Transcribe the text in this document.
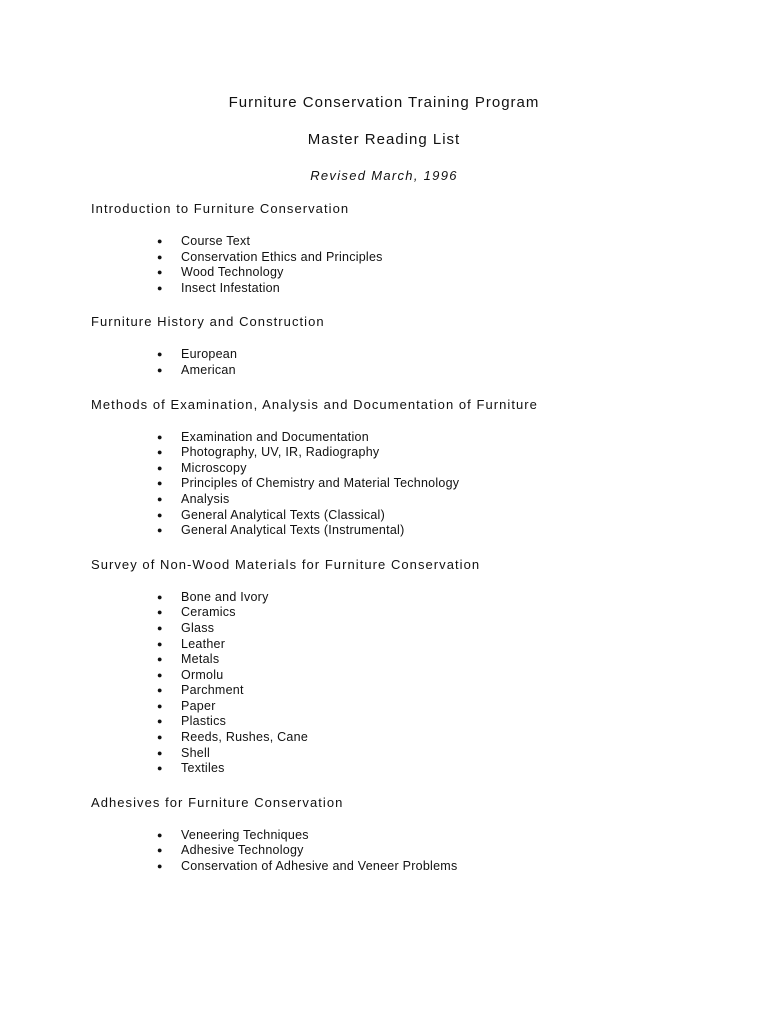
Furniture Conservation Training Program
Master Reading List

Revised March, 1996

Introduction to Furniture Conservation
● Course Text
● Conservation Ethics and Principles
● Wood Technology
● Insect Infestation
Furniture History and Construction
● European
● American
Methods of Examination, Analysis and Documentation of Furniture
● Examination and Documentation
● Photography, UV, IR, Radiography
● Microscopy
● Principles of Chemistry and Material Technology
● Analysis
● General Analytical Texts (Classical)
● General Analytical Texts (Instrumental)
Survey of Non-Wood Materials for Furniture Conservation
● Bone and Ivory
● Ceramics
● Glass
● Leather
● Metals
● Ormolu
● Parchment
● Paper
● Plastics
● Reeds, Rushes, Cane
● Shell
● Textiles
Adhesives for Furniture Conservation
● Veneering Techniques
● Adhesive Technology
● Conservation of Adhesive and Veneer Problems
